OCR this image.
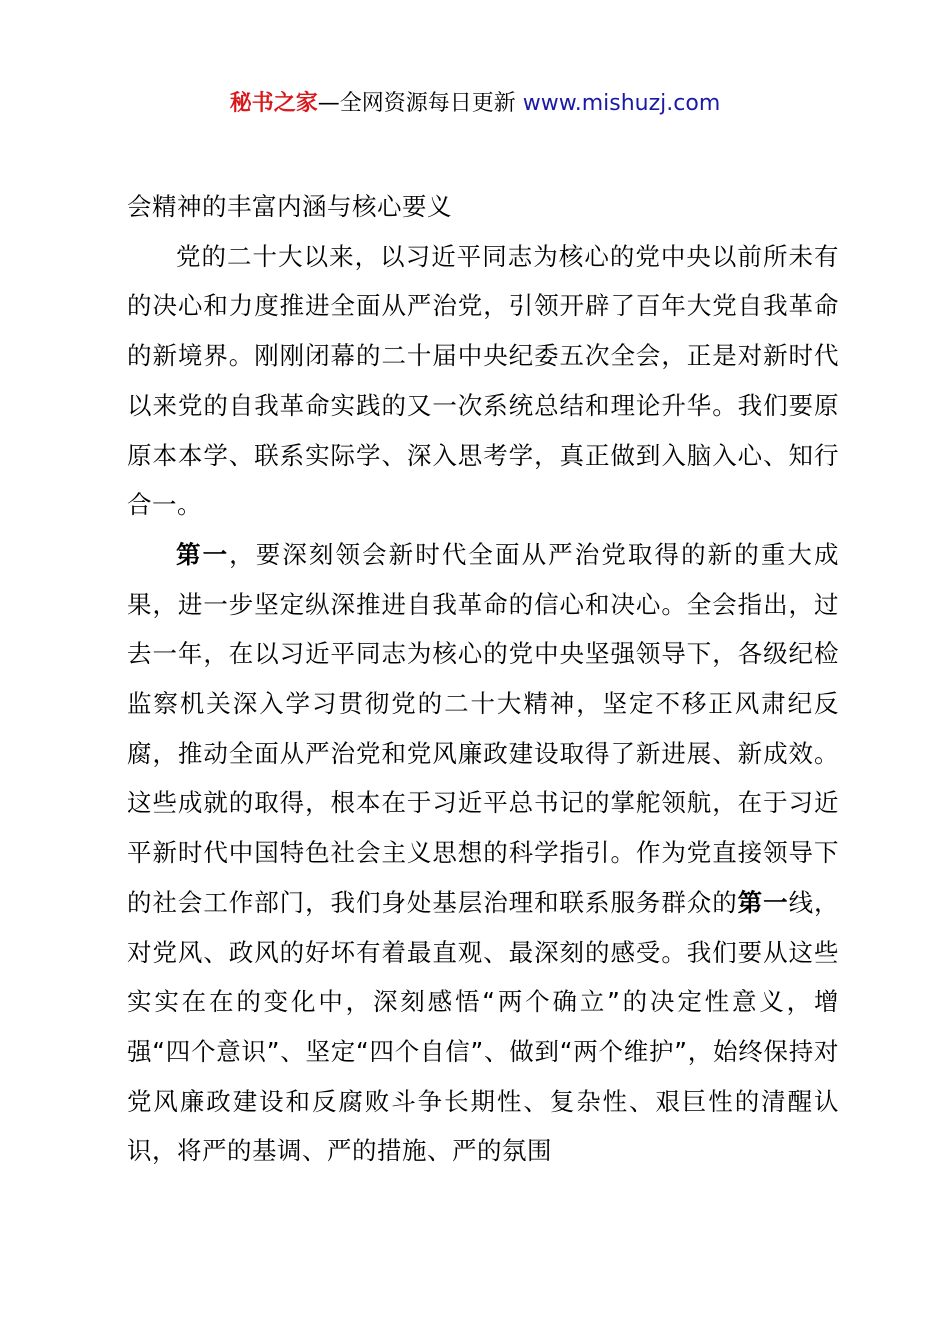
秘书之家—全网资源每日更新 www.mishuzj.com

会精神的丰富内涵与核心要义

党的二十大以来，以习近平同志为核心的党中央以前所未有的决心和力度推进全面从严治党，引领开辟了百年大党自我革命的新境界。刚刚闭幕的二十届中央纪委五次全会，正是对新时代以来党的自我革命实践的又一次系统总结和理论升华。我们要原原本本学、联系实际学、深入思考学，真正做到入脑入心、知行合一。

第一，要深刻领会新时代全面从严治党取得的新的重大成果，进一步坚定纵深推进自我革命的信心和决心。全会指出，过去一年，在以习近平同志为核心的党中央坚强领导下，各级纪检监察机关深入学习贯彻党的二十大精神，坚定不移正风肃纪反腐，推动全面从严治党和党风廉政建设取得了新进展、新成效。这些成就的取得，根本在于习近平总书记的掌舵领航，在于习近平新时代中国特色社会主义思想的科学指引。作为党直接领导下的社会工作部门，我们身处基层治理和联系服务群众的第一线，对党风、政风的好坏有着最直观、最深刻的感受。我们要从这些实实在在的变化中，深刻感悟“两个确立”的决定性意义，增强“四个意识”、坚定“四个自信”、做到“两个维护”，始终保持对党风廉政建设和反腐败斗争长期性、复杂性、艰巨性的清醒认识，将严的基调、严的措施、严的氛围
